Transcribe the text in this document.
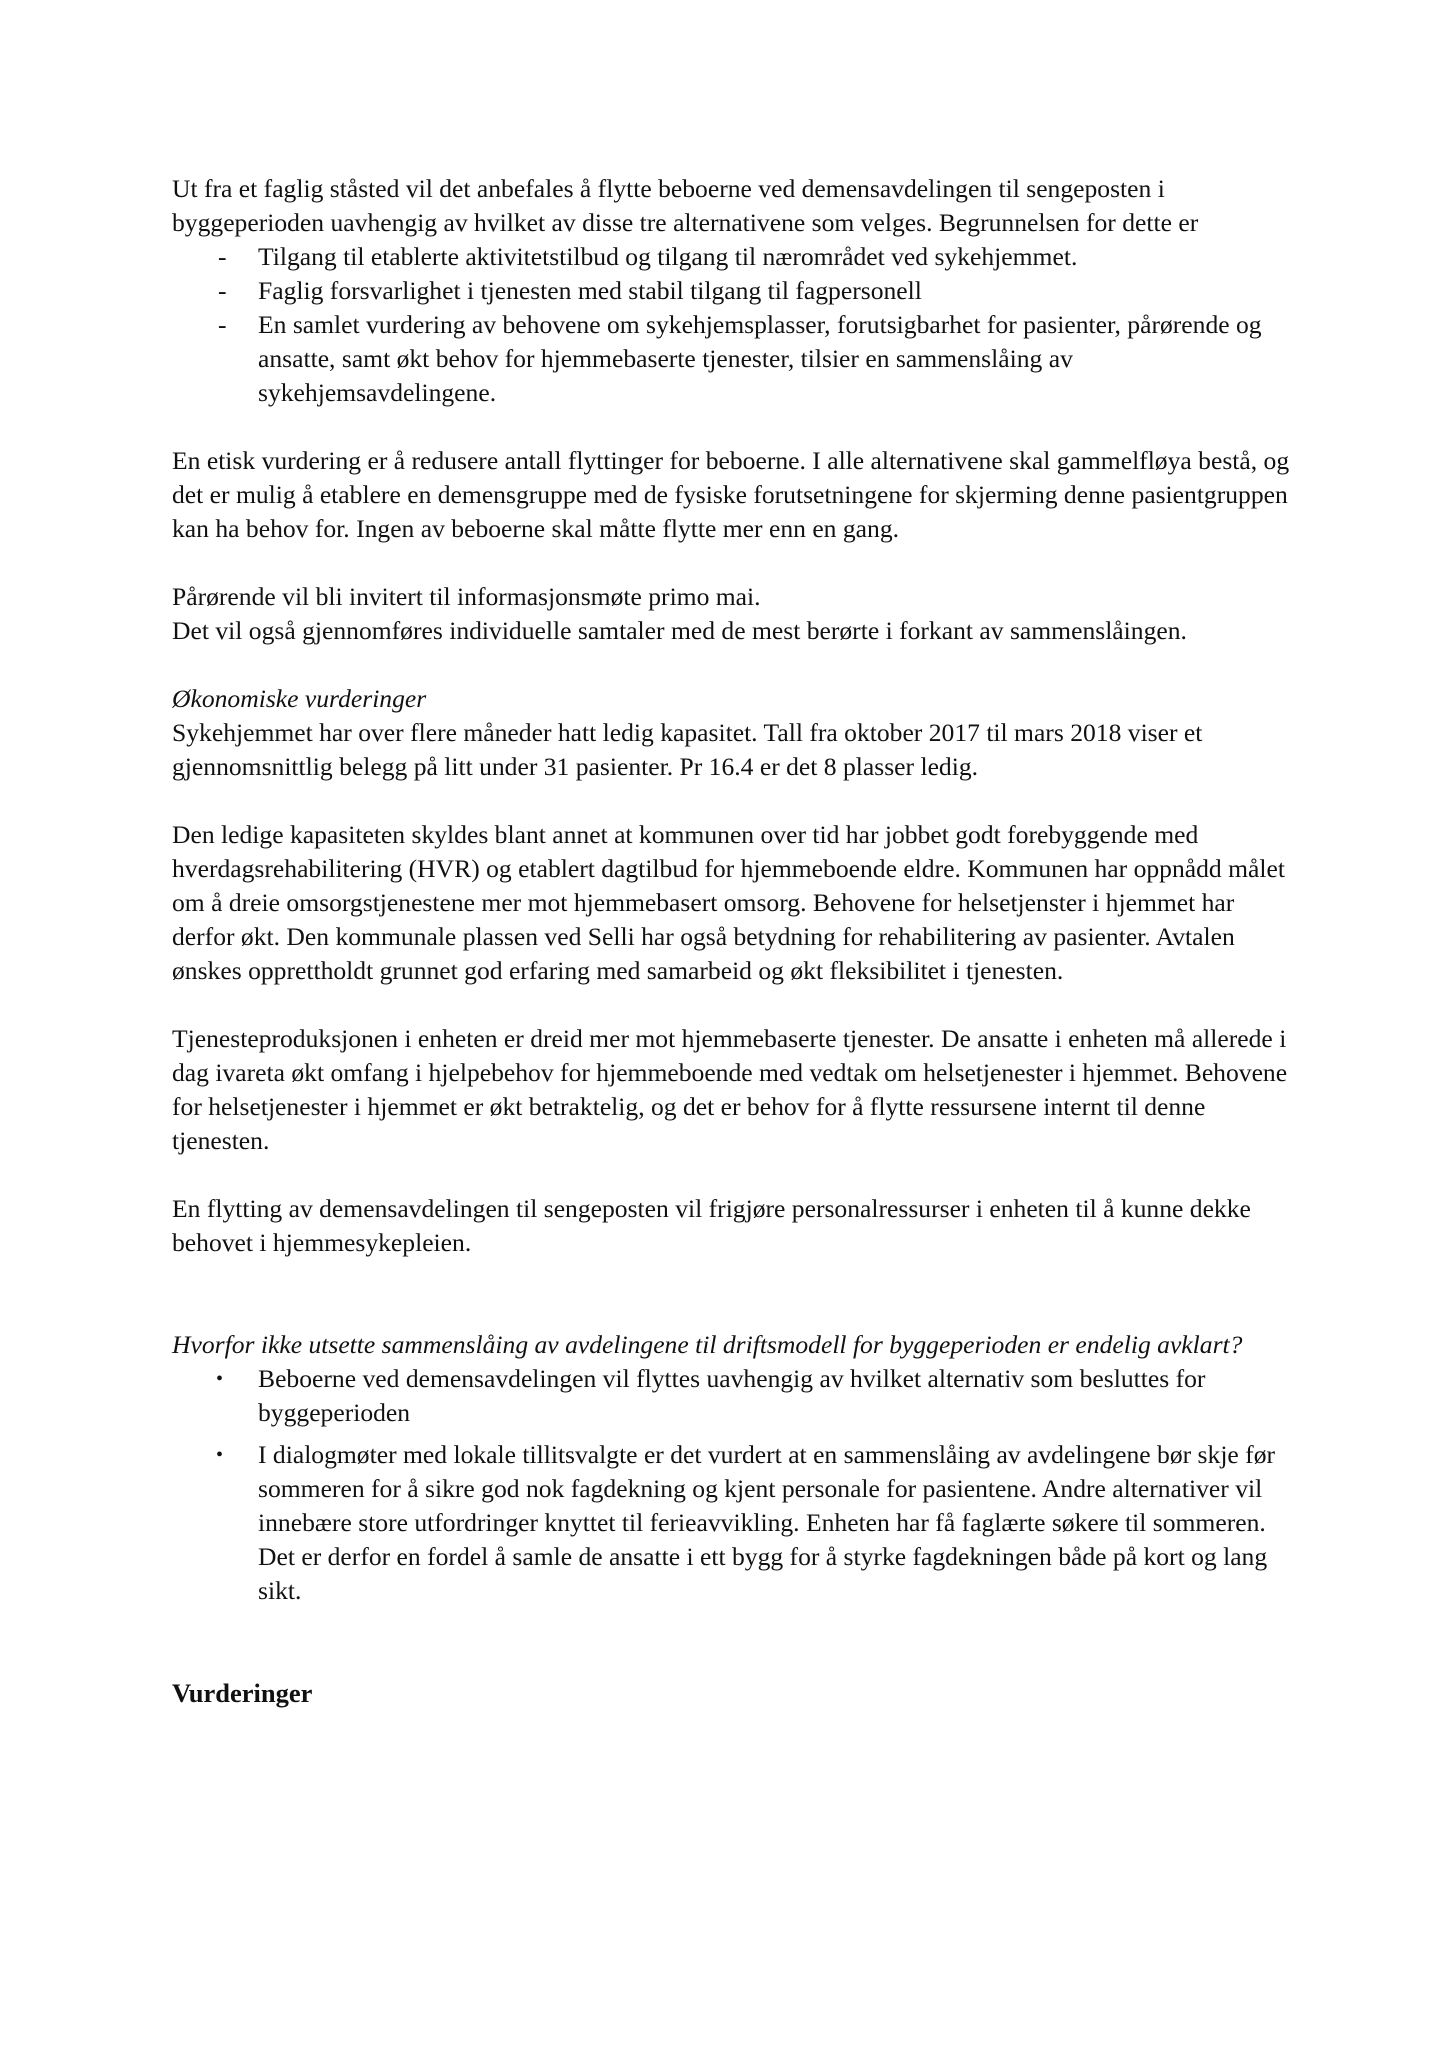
Ut fra et faglig ståsted vil det anbefales å flytte beboerne ved demensavdelingen til sengeposten i byggeperioden uavhengig av hvilket av disse tre alternativene som velges. Begrunnelsen for dette er

- Tilgang til etablerte aktivitetstilbud og tilgang til nærområdet ved sykehjemmet.
- Faglig forsvarlighet i tjenesten med stabil tilgang til fagpersonell
- En samlet vurdering av behovene om sykehjemsplasser, forutsigbarhet for pasienter, pårørende og ansatte, samt økt behov for hjemmebaserte tjenester, tilsier en sammenslåing av sykehjemsavdelingene.

En etisk vurdering er å redusere antall flyttinger for beboerne. I alle alternativene skal gammelfløya bestå, og det er mulig å etablere en demensgruppe med de fysiske forutsetningene for skjerming denne pasientgruppen kan ha behov for. Ingen av beboerne skal måtte flytte mer enn en gang.

Pårørende vil bli invitert til informasjonsmøte primo mai.

Det vil også gjennomføres individuelle samtaler med de mest berørte i forkant av sammenslåingen.

Økonomiske vurderinger

Sykehjemmet har over flere måneder hatt ledig kapasitet. Tall fra oktober 2017 til mars 2018 viser et gjennomsnittlig belegg på litt under 31 pasienter. Pr 16.4 er det 8 plasser ledig.

Den ledige kapasiteten skyldes blant annet at kommunen over tid har jobbet godt forebyggende med hverdagsrehabilitering (HVR) og etablert dagtilbud for hjemmeboende eldre. Kommunen har oppnådd målet om å dreie omsorgstjenestene mer mot hjemmebasert omsorg. Behovene for helsetjenster i hjemmet har derfor økt. Den kommunale plassen ved Selli har også betydning for rehabilitering av pasienter. Avtalen ønskes opprettholdt grunnet god erfaring med samarbeid og økt fleksibilitet i tjenesten.

Tjenesteproduksjonen i enheten er dreid mer mot hjemmebaserte tjenester. De ansatte i enheten må allerede i dag ivareta økt omfang i hjelpebehov for hjemmeboende med vedtak om helsetjenester i hjemmet. Behovene for helsetjenester i hjemmet er økt betraktelig, og det er behov for å flytte ressursene internt til denne tjenesten.

En flytting av demensavdelingen til sengeposten vil frigjøre personalressurser i enheten til å kunne dekke behovet i hjemmesykepleien.

Hvorfor ikke utsette sammenslåing av avdelingene til driftsmodell for byggeperioden er endelig avklart?

• Beboerne ved demensavdelingen vil flyttes uavhengig av hvilket alternativ som besluttes for byggeperioden
• I dialogmøter med lokale tillitsvalgte er det vurdert at en sammenslåing av avdelingene bør skje før sommeren for å sikre god nok fagdekning og kjent personale for pasientene. Andre alternativer vil innebære store utfordringer knyttet til ferieavvikling. Enheten har få faglærte søkere til sommeren. Det er derfor en fordel å samle de ansatte i ett bygg for å styrke fagdekningen både på kort og lang sikt.

Vurderinger
